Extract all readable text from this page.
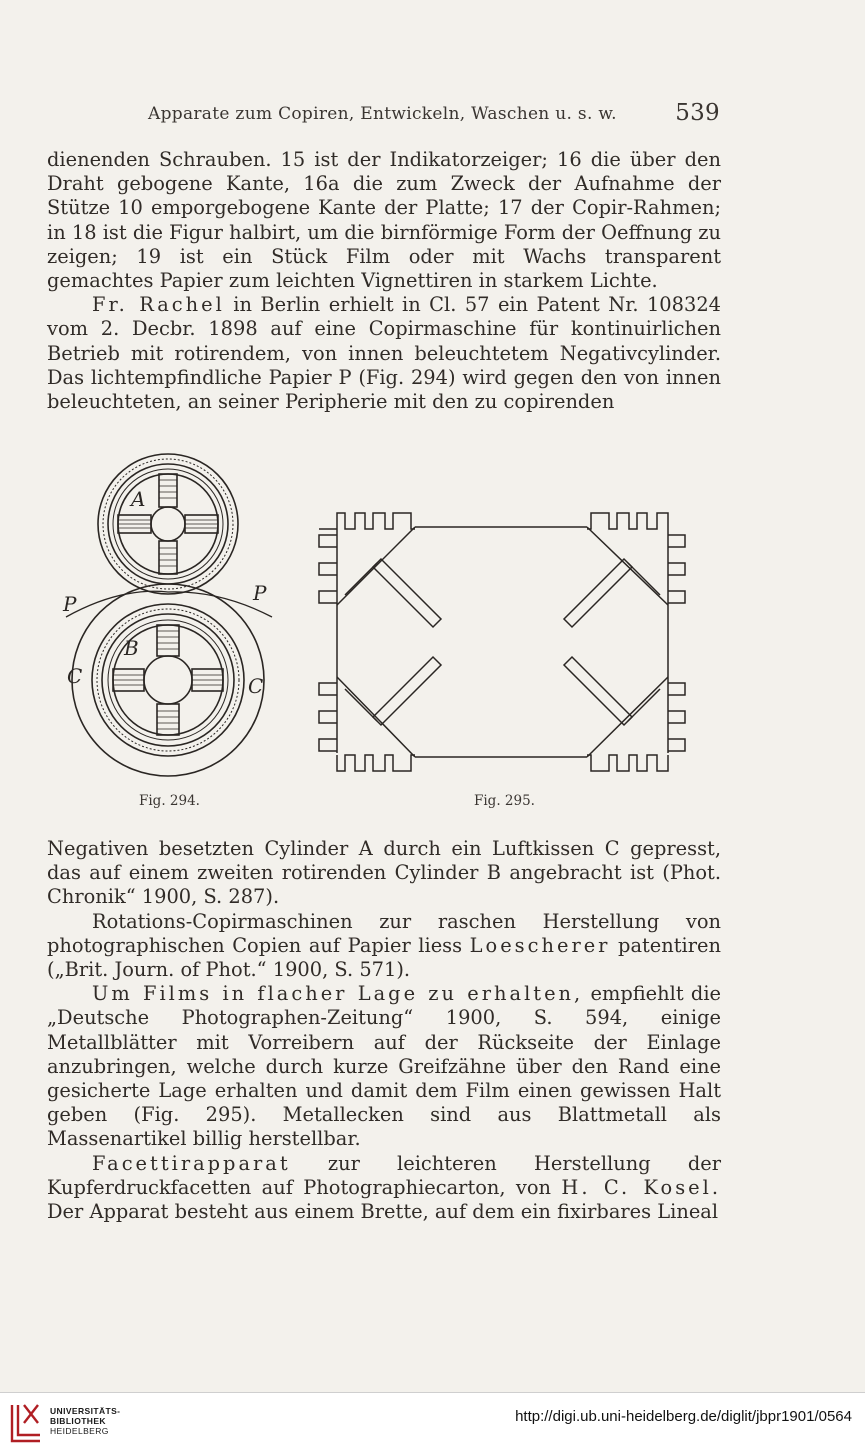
Apparate zum Copiren, Entwickeln, Waschen u. s. w.	539

dienenden Schrauben. 15 ist der Indikatorzeiger; 16 die über den Draht gebogene Kante, 16a die zum Zweck der Aufnahme der Stütze 10 emporgebogene Kante der Platte; 17 der Copir-Rahmen; in 18 ist die Figur halbirt, um die birnförmige Form der Oeffnung zu zeigen; 19 ist ein Stück Film oder mit Wachs transparent gemachtes Papier zum leichten Vignettiren in starkem Lichte.

Fr. Rachel in Berlin erhielt in Cl. 57 ein Patent Nr. 108324 vom 2. Decbr. 1898 auf eine Copirmaschine für kontinuirlichen Betrieb mit rotirendem, von innen beleuchtetem Negativcylinder. Das lichtempfindliche Papier P (Fig. 294) wird gegen den von innen beleuchteten, an seiner Peripherie mit den zu copirenden

A
B
C	C
P	P
Fig. 294.	Fig. 295.

Negativen besetzten Cylinder A durch ein Luftkissen C gepresst, das auf einem zweiten rotirenden Cylinder B angebracht ist (Phot. Chronik“ 1900, S. 287).

Rotations-Copirmaschinen zur raschen Herstellung von photographischen Copien auf Papier liess Loescherer patentiren („Brit. Journ. of Phot.“ 1900, S. 571).

Um Films in flacher Lage zu erhalten, empfiehlt die „Deutsche Photographen-Zeitung“ 1900, S. 594, einige Metallblätter mit Vorreibern auf der Rückseite der Einlage anzubringen, welche durch kurze Greifzähne über den Rand eine gesicherte Lage erhalten und damit dem Film einen gewissen Halt geben (Fig. 295). Metallecken sind aus Blattmetall als Massenartikel billig herstellbar.

Facettirapparat zur leichteren Herstellung der Kupferdruckfacetten auf Photographiecarton, von H. C. Kosel. Der Apparat besteht aus einem Brette, auf dem ein fixirbares Lineal

UNIVERSITÄTS-
BIBLIOTHEK
HEIDELBERG
http://digi.ub.uni-heidelberg.de/diglit/jbpr1901/0564
